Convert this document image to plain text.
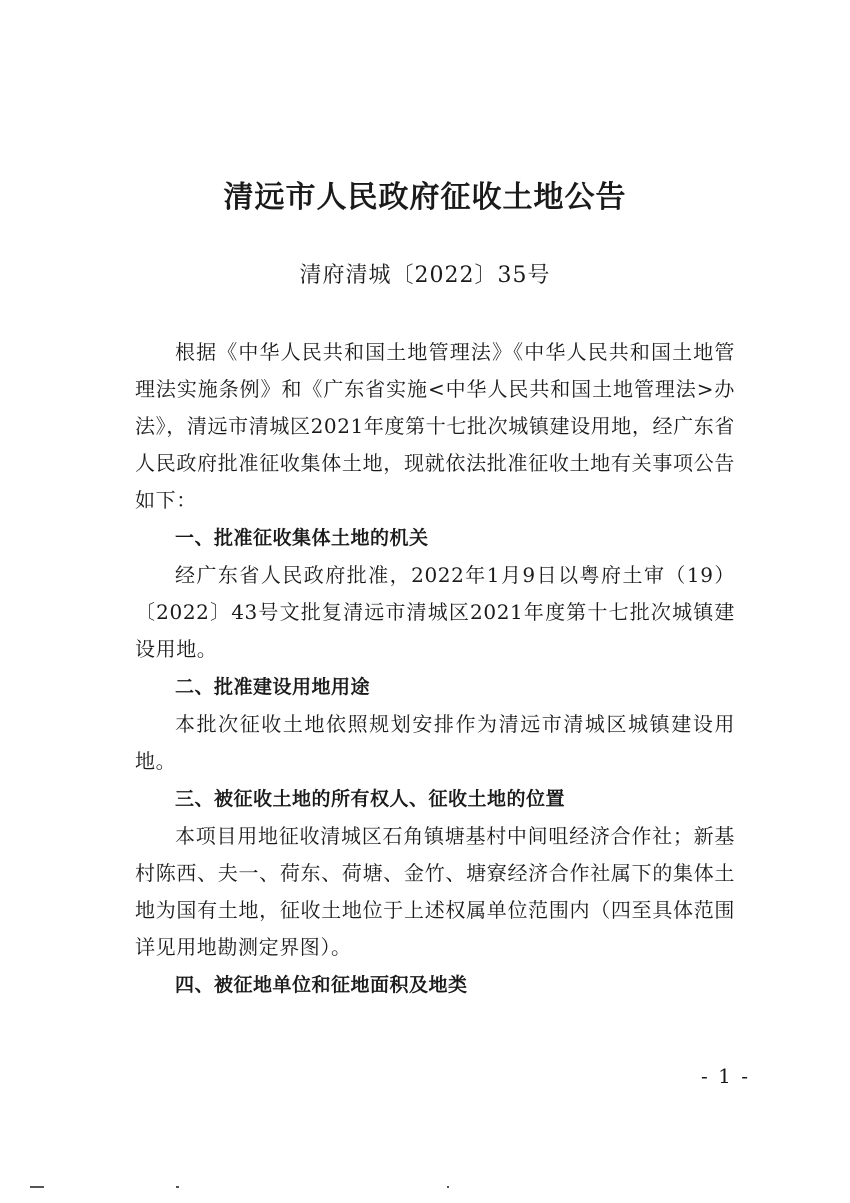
清远市人民政府征收土地公告

清府清城〔2022〕35号

根据《中华人民共和国土地管理法》《中华人民共和国土地管理法实施条例》和《广东省实施<中华人民共和国土地管理法>办法》，清远市清城区2021年度第十七批次城镇建设用地，经广东省人民政府批准征收集体土地，现就依法批准征收土地有关事项公告如下：

一、批准征收集体土地的机关

经广东省人民政府批准，2022年1月9日以粤府土审（19）〔2022〕43号文批复清远市清城区2021年度第十七批次城镇建设用地。

二、批准建设用地用途

本批次征收土地依照规划安排作为清远市清城区城镇建设用地。

三、被征收土地的所有权人、征收土地的位置

本项目用地征收清城区石角镇塘基村中间咀经济合作社；新基村陈西、夫一、荷东、荷塘、金竹、塘寮经济合作社属下的集体土地为国有土地，征收土地位于上述权属单位范围内（四至具体范围详见用地勘测定界图）。

四、被征地单位和征地面积及地类

- 1 -
